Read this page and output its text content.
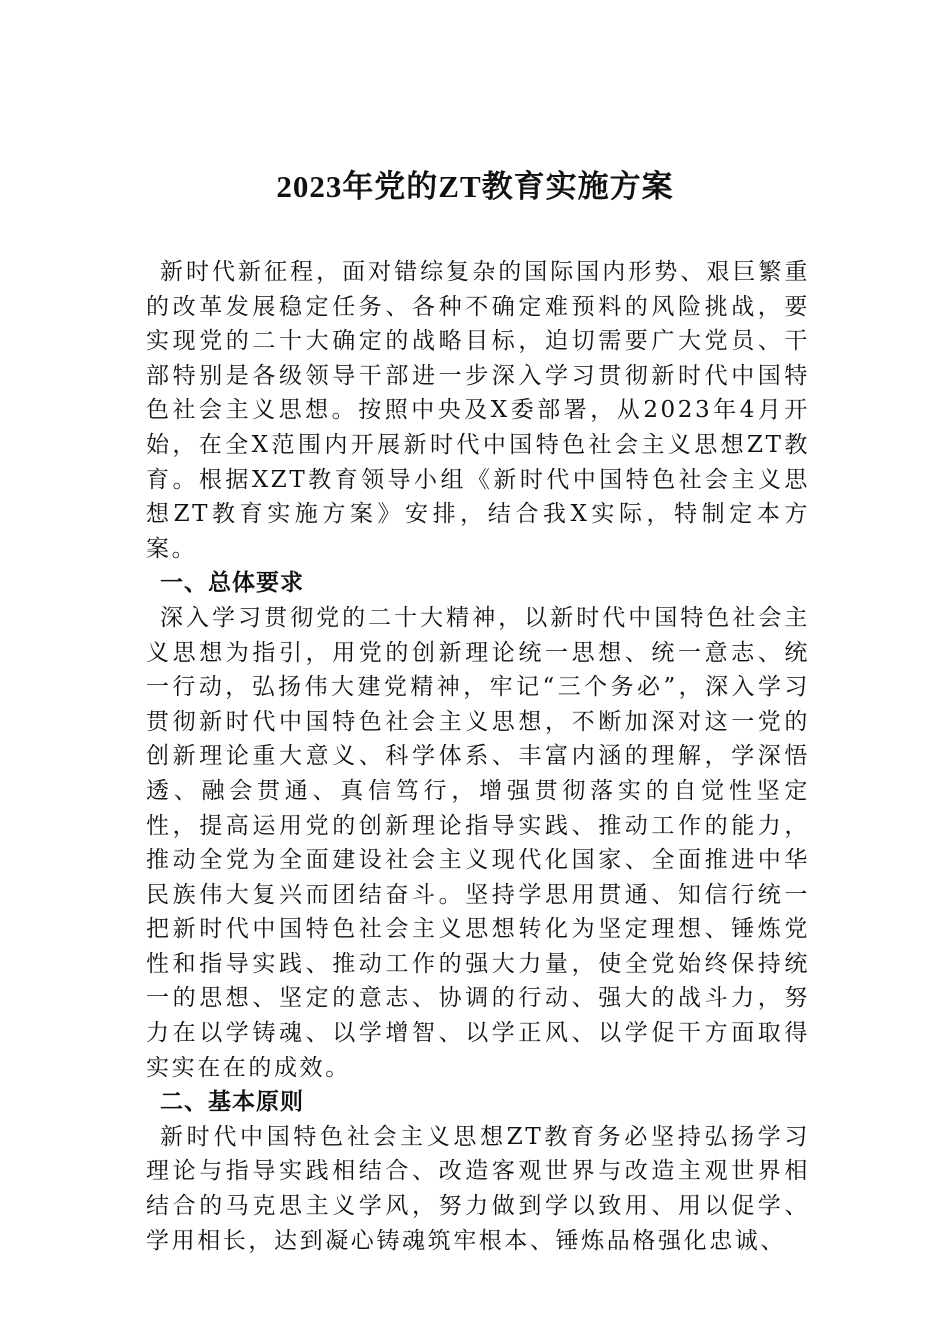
2023年党的ZT教育实施方案

新时代新征程，面对错综复杂的国际国内形势、艰巨繁重的改革发展稳定任务、各种不确定难预料的风险挑战，要实现党的二十大确定的战略目标，迫切需要广大党员、干部特别是各级领导干部进一步深入学习贯彻新时代中国特色社会主义思想。按照中央及X委部署，从2023年4月开始，在全X范围内开展新时代中国特色社会主义思想ZT教育。根据XZT教育领导小组《新时代中国特色社会主义思想ZT教育实施方案》安排，结合我X实际，特制定本方案。

一、总体要求

深入学习贯彻党的二十大精神，以新时代中国特色社会主义思想为指引，用党的创新理论统一思想、统一意志、统一行动，弘扬伟大建党精神，牢记“三个务必”，深入学习贯彻新时代中国特色社会主义思想，不断加深对这一党的创新理论重大意义、科学体系、丰富内涵的理解，学深悟透、融会贯通、真信笃行，增强贯彻落实的自觉性坚定性，提高运用党的创新理论指导实践、推动工作的能力，推动全党为全面建设社会主义现代化国家、全面推进中华民族伟大复兴而团结奋斗。坚持学思用贯通、知信行统一把新时代中国特色社会主义思想转化为坚定理想、锤炼党性和指导实践、推动工作的强大力量，使全党始终保持统一的思想、坚定的意志、协调的行动、强大的战斗力，努力在以学铸魂、以学增智、以学正风、以学促干方面取得实实在在的成效。

二、基本原则

新时代中国特色社会主义思想ZT教育务必坚持弘扬学习理论与指导实践相结合、改造客观世界与改造主观世界相结合的马克思主义学风，努力做到学以致用、用以促学、学用相长，达到凝心铸魂筑牢根本、锤炼品格强化忠诚、
